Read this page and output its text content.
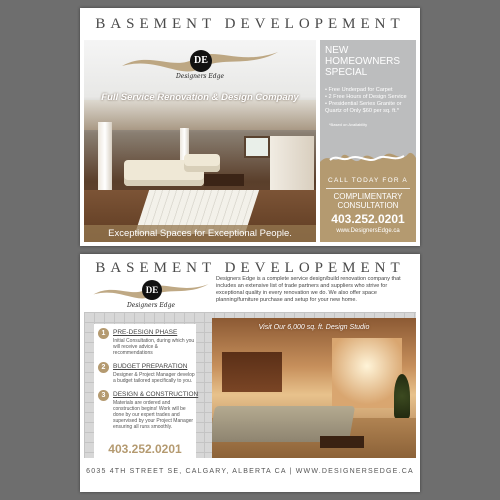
BASEMENT DEVELOPEMENT
DE
Designers Edge
Full Service Renovation & Design Company
Exceptional Spaces for Exceptional People.
NEW HOMEOWNERS SPECIAL
• Free Underpad for Carpet
• 2 Free Hours of Design Service
• Presidential Series Granite or Quartz of Only $60 per sq. ft.*
*Based on Availability
CALL TODAY FOR A
COMPLIMENTARY CONSULTATION
403.252.0201
www.DesignersEdge.ca
BASEMENT DEVELOPEMENT
DE
Designers Edge
Designers Edge is a complete service design/build renovation company that includes an extensive list of trade partners and suppliers who strive for exceptional quality in every renovation we do. We also offer space planning/furniture purchase and setup for your new home.
1	PRE-DESIGN PHASE
Initial Consultation, during which you will receive advice & recommendations
2	BUDGET PREPARATION
Designer & Project Manager develop a budget tailored specifically to you.
3	DESIGN & CONSTRUCTION
Materials are ordered and construction begins! Work will be done by our expert trades and supervised by your Project Manager ensuring all runs smoothly.
403.252.0201
Visit Our 6,000 sq. ft. Design Studio
6035 4TH STREET SE, CALGARY, ALBERTA CA | WWW.DESIGNERSEDGE.CA
